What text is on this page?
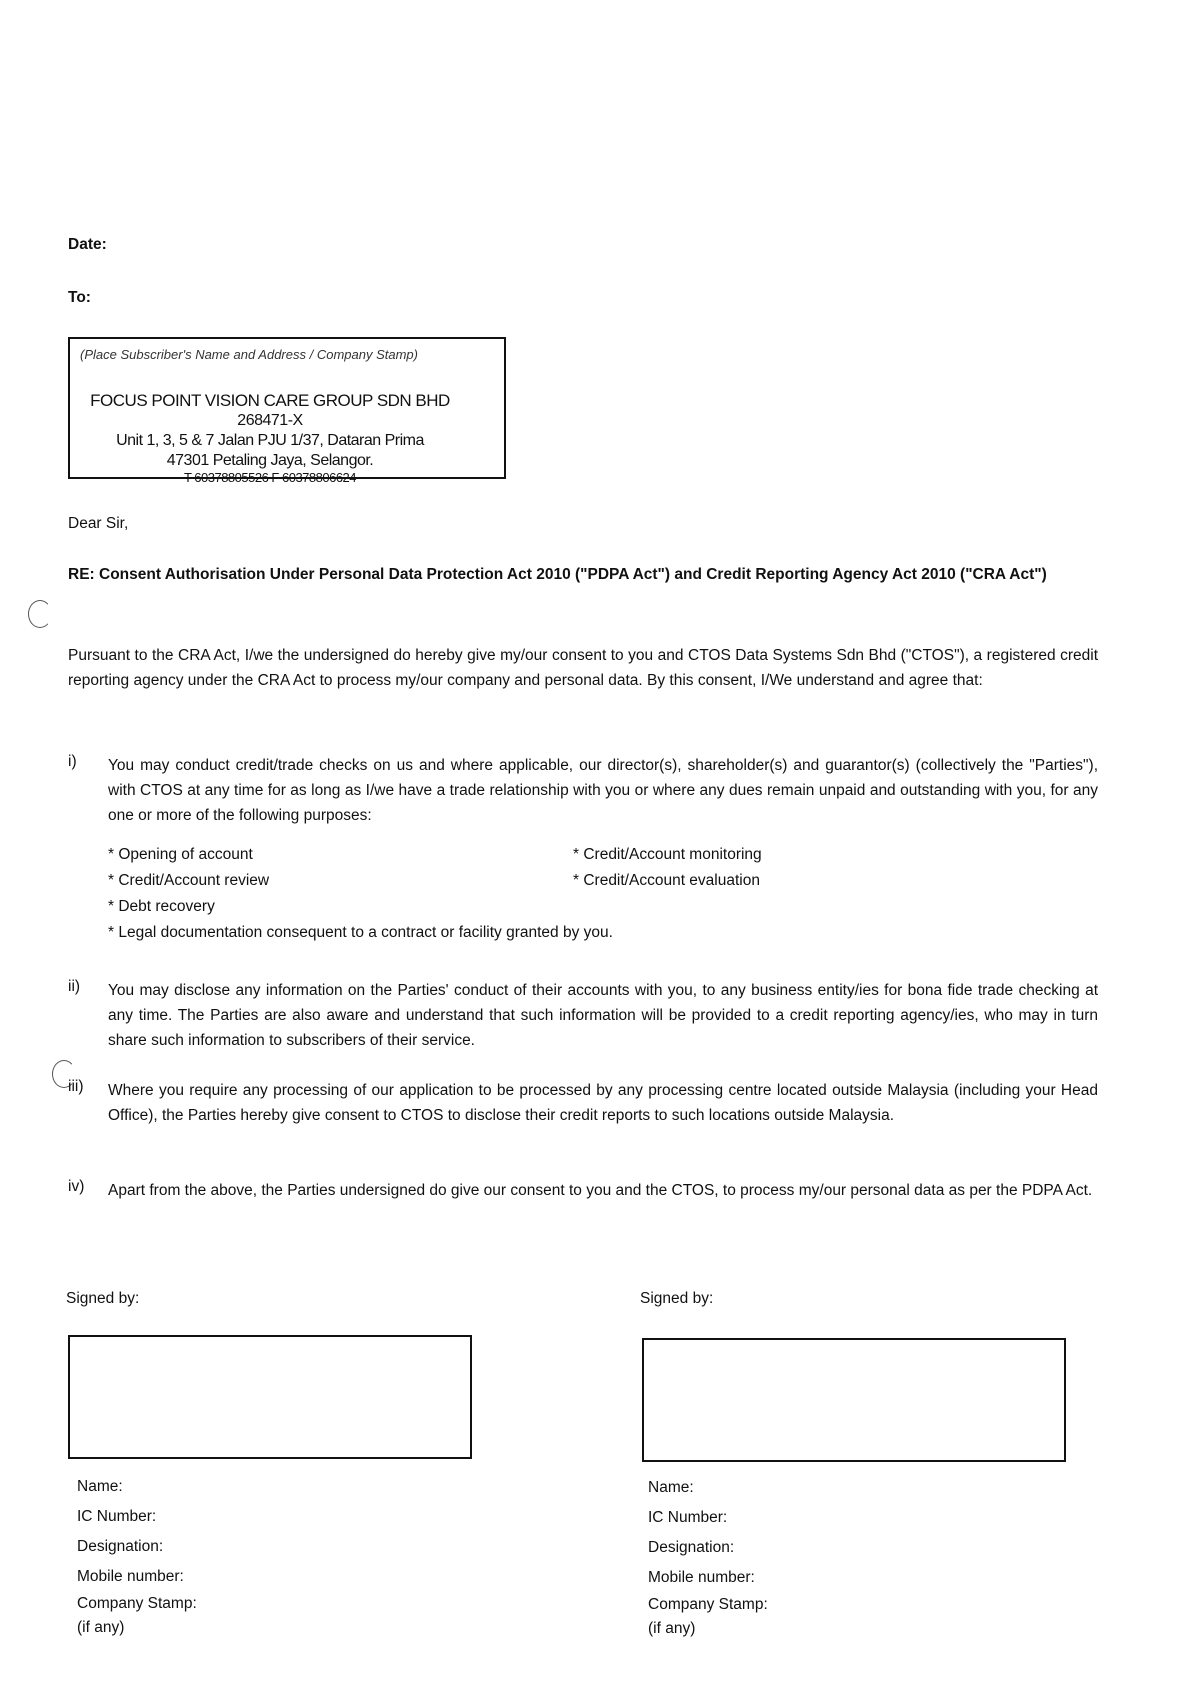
Date:
To:
(Place Subscriber's Name and Address / Company Stamp)
FOCUS POINT VISION CARE GROUP SDN BHD
268471-X
Unit 1, 3, 5 & 7 Jalan PJU 1/37, Dataran Prima
47301 Petaling Jaya, Selangor.
T 60378805526 F 60378806624
Dear Sir,
RE: Consent Authorisation Under Personal Data Protection Act 2010 ("PDPA Act") and Credit Reporting Agency Act 2010 ("CRA Act")
Pursuant to the CRA Act, I/we the undersigned do hereby give my/our consent to you and CTOS Data Systems Sdn Bhd ("CTOS"), a registered credit reporting agency under the CRA Act to process my/our company and personal data. By this consent, I/We understand and agree that:
i) You may conduct credit/trade checks on us and where applicable, our director(s), shareholder(s) and guarantor(s) (collectively the "Parties"), with CTOS at any time for as long as I/we have a trade relationship with you or where any dues remain unpaid and outstanding with you, for any one or more of the following purposes:
* Opening of account	* Credit/Account monitoring
* Credit/Account review	* Credit/Account evaluation
* Debt recovery
* Legal documentation consequent to a contract or facility granted by you.
ii) You may disclose any information on the Parties' conduct of their accounts with you, to any business entity/ies for bona fide trade checking at any time. The Parties are also aware and understand that such information will be provided to a credit reporting agency/ies, who may in turn share such information to subscribers of their service.
iii) Where you require any processing of our application to be processed by any processing centre located outside Malaysia (including your Head Office), the Parties hereby give consent to CTOS to disclose their credit reports to such locations outside Malaysia.
iv) Apart from the above, the Parties undersigned do give our consent to you and the CTOS, to process my/our personal data as per the PDPA Act.
Signed by:
Name:
IC Number:
Designation:
Mobile number:
Company Stamp:
(if any)
Signed by:
Name:
IC Number:
Designation:
Mobile number:
Company Stamp:
(if any)
